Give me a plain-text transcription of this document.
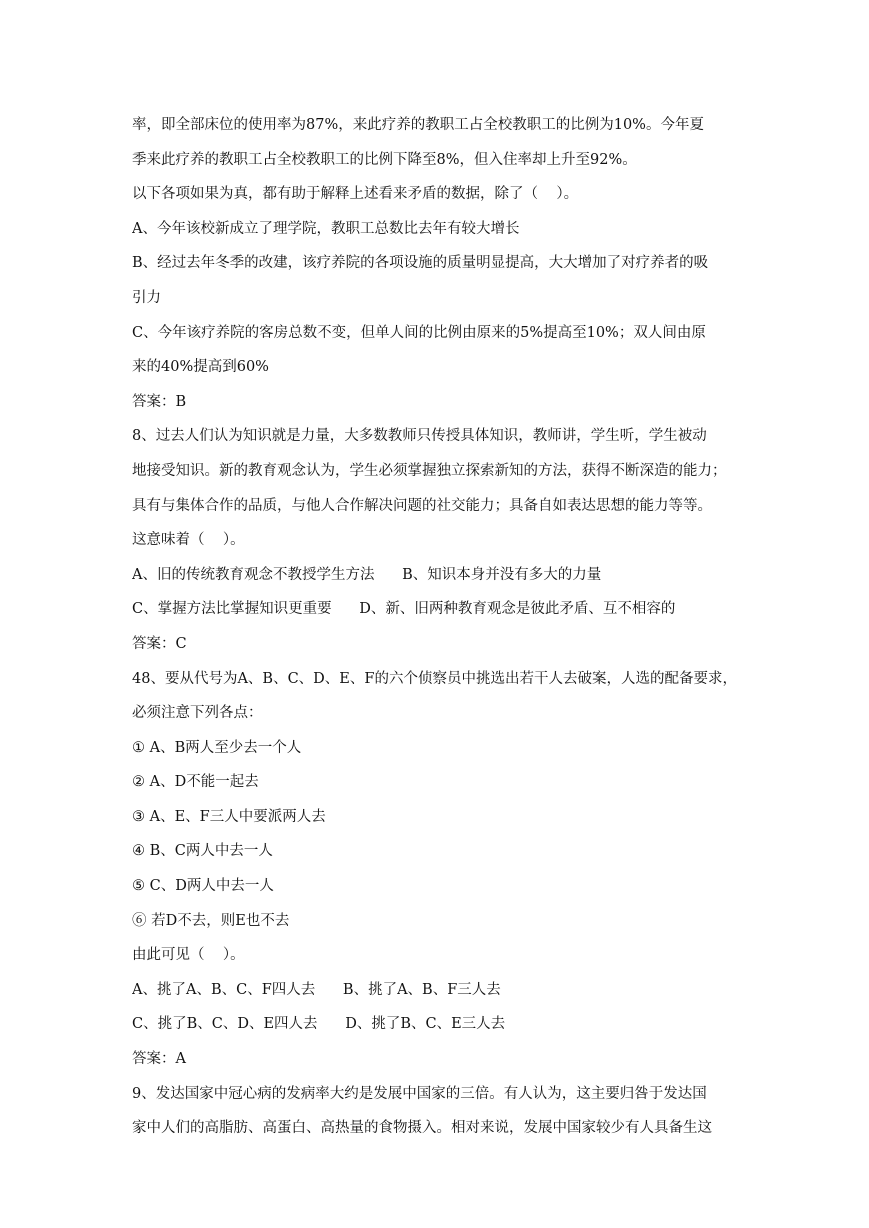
率，即全部床位的使用率为87%，来此疗养的教职工占全校教职工的比例为10%。今年夏
季来此疗养的教职工占全校教职工的比例下降至8%，但入住率却上升至92%。
以下各项如果为真，都有助于解释上述看来矛盾的数据，除了（    ）。
A、今年该校新成立了理学院，教职工总数比去年有较大增长
B、经过去年冬季的改建，该疗养院的各项设施的质量明显提高，大大增加了对疗养者的吸
引力
C、今年该疗养院的客房总数不变，但单人间的比例由原来的5%提高至10%；双人间由原
来的40%提高到60%
答案：B
8、过去人们认为知识就是力量，大多数教师只传授具体知识，教师讲，学生听，学生被动
地接受知识。新的教育观念认为，学生必须掌握独立探索新知的方法，获得不断深造的能力；
具有与集体合作的品质，与他人合作解决问题的社交能力；具备自如表达思想的能力等等。
这意味着（    ）。
A、旧的传统教育观念不教授学生方法      B、知识本身并没有多大的力量
C、掌握方法比掌握知识更重要      D、新、旧两种教育观念是彼此矛盾、互不相容的
答案：C
48、要从代号为A、B、C、D、E、F的六个侦察员中挑选出若干人去破案，人选的配备要求，
必须注意下列各点：
① A、B两人至少去一个人
② A、D不能一起去
③ A、E、F三人中要派两人去
④ B、C两人中去一人
⑤ C、D两人中去一人
⑥ 若D不去，则E也不去
由此可见（    ）。
A、挑了A、B、C、F四人去      B、挑了A、B、F三人去
C、挑了B、C、D、E四人去      D、挑了B、C、E三人去
答案：A
9、发达国家中冠心病的发病率大约是发展中国家的三倍。有人认为，这主要归咎于发达国
家中人们的高脂肪、高蛋白、高热量的食物摄入。相对来说，发展中国家较少有人具备生这
